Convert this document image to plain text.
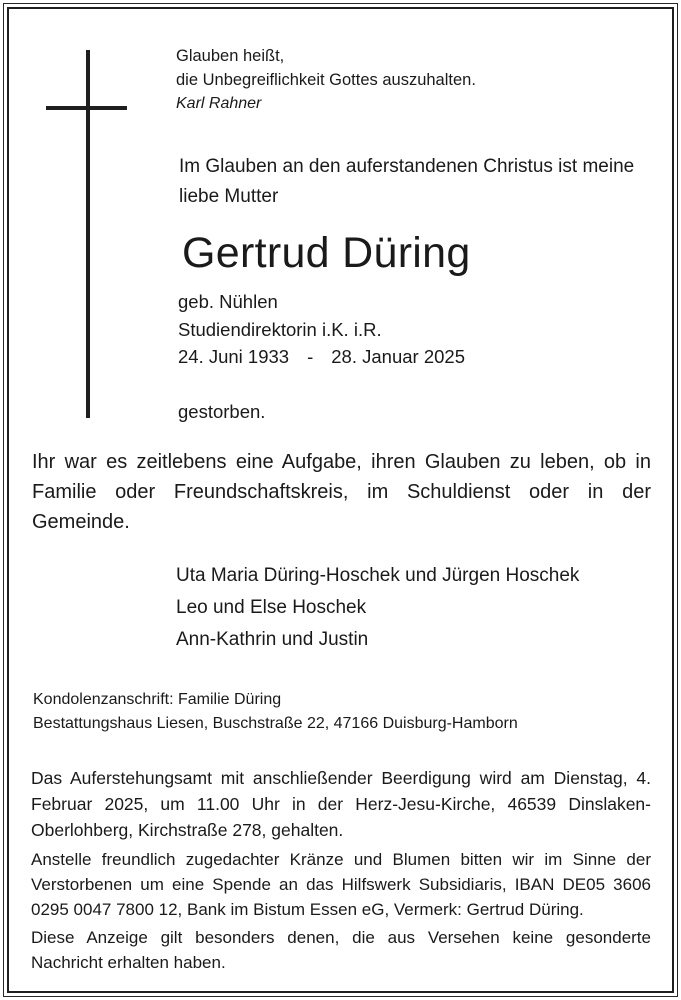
Glauben heißt,
die Unbegreiflichkeit Gottes auszuhalten.
Karl Rahner
Im Glauben an den auferstandenen Christus ist meine liebe Mutter
Gertrud Düring
geb. Nühlen
Studiendirektorin i.K. i.R.
24. Juni 1933 - 28. Januar 2025
gestorben.
Ihr war es zeitlebens eine Aufgabe, ihren Glauben zu leben, ob in Familie oder Freundschaftskreis, im Schuldienst oder in der Gemeinde.
Uta Maria Düring-Hoschek und Jürgen Hoschek
Leo und Else Hoschek
Ann-Kathrin und Justin
Kondolenzanschrift: Familie Düring
Bestattungshaus Liesen, Buschstraße 22, 47166 Duisburg-Hamborn
Das Auferstehungsamt mit anschließender Beerdigung wird am Dienstag, 4. Februar 2025, um 11.00 Uhr in der Herz-Jesu-Kirche, 46539 Dinslaken-Oberlohberg, Kirchstraße 278, gehalten.
Anstelle freundlich zugedachter Kränze und Blumen bitten wir im Sinne der Verstorbenen um eine Spende an das Hilfswerk Subsidiaris, IBAN DE05 3606 0295 0047 7800 12, Bank im Bistum Essen eG, Vermerk: Gertrud Düring.
Diese Anzeige gilt besonders denen, die aus Versehen keine gesonderte Nachricht erhalten haben.
